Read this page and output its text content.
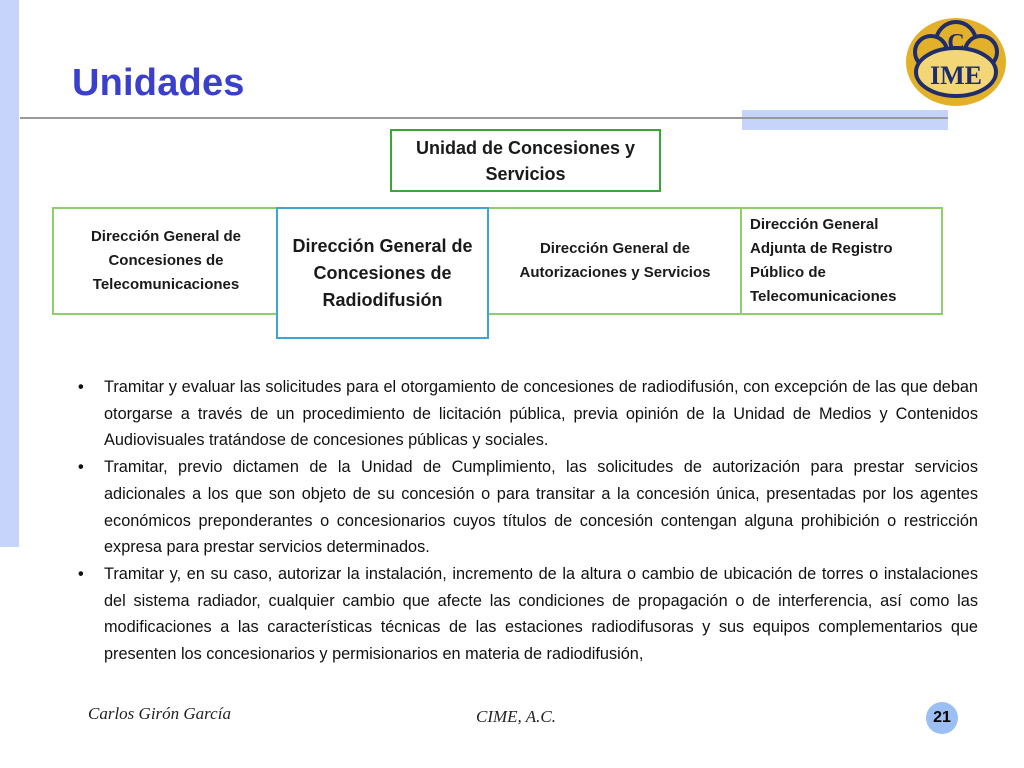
Unidades
C
IME
Unidad de Concesiones y Servicios
Dirección General de Concesiones de Telecomunicaciones
Dirección General de Autorizaciones y Servicios
Dirección General Adjunta de Registro Público de Telecomunicaciones
Dirección General de Concesiones de Radiodifusión
• Tramitar y evaluar las solicitudes para el otorgamiento de concesiones de radiodifusión, con excepción de las que deban otorgarse a través de un procedimiento de licitación pública, previa opinión de la Unidad de Medios y Contenidos Audiovisuales tratándose de concesiones públicas y sociales.
• Tramitar, previo dictamen de la Unidad de Cumplimiento, las solicitudes de autorización para prestar servicios adicionales a los que son objeto de su concesión o para transitar a la concesión única, presentadas por los agentes económicos preponderantes o concesionarios cuyos títulos de concesión contengan alguna prohibición o restricción expresa para prestar servicios determinados.
• Tramitar y, en su caso, autorizar la instalación, incremento de la altura o cambio de ubicación de torres o instalaciones del sistema radiador, cualquier cambio que afecte las condiciones de propagación o de interferencia, así como las modificaciones a las características técnicas de las estaciones radiodifusoras y sus equipos complementarios que presenten los concesionarios y permisionarios en materia de radiodifusión,
Carlos Girón García	CIME, A.C.	21
